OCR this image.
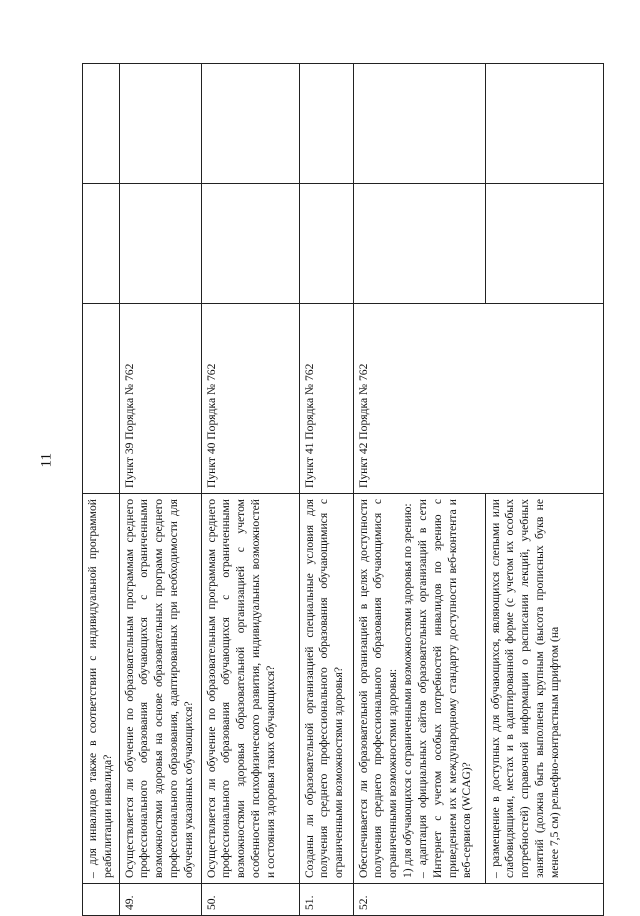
11
	– для инвалидов также в соответствии с индивидуальной программой реабилитации инвалида?			
49.	Осуществляется ли обучение по образовательным программам среднего профессионального образования обучающихся с ограниченными возможностями здоровья на основе образовательных программ среднего профессионального образования, адаптированных при необходимости для обучения указанных обучающихся?	Пункт 39 Порядка № 762		
50.	Осуществляется ли обучение по образовательным программам среднего профессионального образования обучающихся с ограниченными возможностями здоровья образовательной организацией с учетом особенностей психофизического развития, индивидуальных возможностей и состояния здоровья таких обучающихся?	Пункт 40 Порядка № 762		
51.	Созданы ли образовательной организацией специальные условия для получения среднего профессионального образования обучающимися с ограниченными возможностями здоровья?	Пункт 41 Порядка № 762		
52.	Обеспечивается ли образовательной организацией в целях доступности получения среднего профессионального образования обучающимися с ограниченными возможностями здоровья: 1) для обучающихся с ограниченными возможностями здоровья по зрению: – адаптация официальных сайтов образовательных организаций в сети Интернет с учетом особых потребностей инвалидов по зрению с приведением их к международному стандарту доступности веб-контента и веб-сервисов (WCAG)?	Пункт 42 Порядка № 762		
	– размещение в доступных для обучающихся, являющихся слепыми или слабовидящими, местах и в адаптированной форме (с учетом их особых потребностей) справочной информации о расписании лекций, учебных занятий (должна быть выполнена крупным (высота прописных букв не менее 7,5 см) рельефно-контрастным шрифтом (на			
